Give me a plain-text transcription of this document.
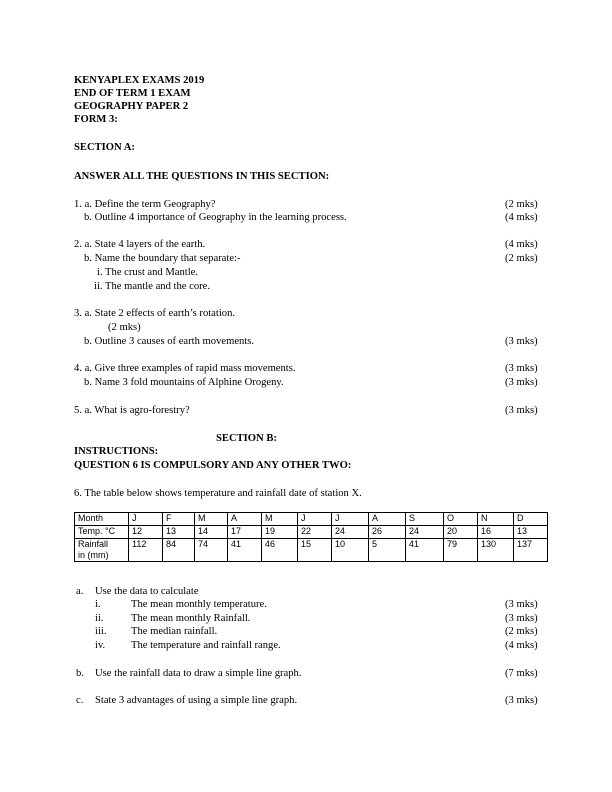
KENYAPLEX EXAMS 2019
END OF TERM 1 EXAM
GEOGRAPHY PAPER 2
FORM 3:
SECTION A:
ANSWER ALL THE QUESTIONS IN THIS SECTION:
1. a. Define the term Geography?	(2 mks)
b. Outline 4 importance of Geography in the learning process.	(4 mks)
2. a. State 4 layers of the earth.	(4 mks)
b. Name the boundary that separate:-	(2 mks)
i. The crust and Mantle.
ii. The mantle and the core.
3. a. State 2 effects of earth’s rotation.
(2 mks)
b. Outline 3 causes of earth movements.	(3 mks)
4. a. Give three examples of rapid mass movements.	(3 mks)
b. Name 3 fold mountains of Alphine Orogeny.	(3 mks)
5. a. What is agro-forestry?	(3 mks)
SECTION B:
INSTRUCTIONS:
QUESTION 6 IS COMPULSORY AND ANY OTHER TWO:
6. The table below shows temperature and rainfall date of station X.
Month	J	F	M	A	M	J	J	A	S	O	N	D
Temp. °C	12	13	14	17	19	22	24	26	24	20	16	13
Rainfall
in (mm)	112	84	74	41	46	15	10	5	41	79	130	137
a. Use the data to calculate
i.	The mean monthly temperature.	(3 mks)
ii.	The mean monthly Rainfall.	(3 mks)
iii. The median rainfall.	(2 mks)
iv. The temperature and rainfall range.	(4 mks)
b. Use the rainfall data to draw a simple line graph.	(7 mks)
c. State 3 advantages of using a simple line graph.	(3 mks)
